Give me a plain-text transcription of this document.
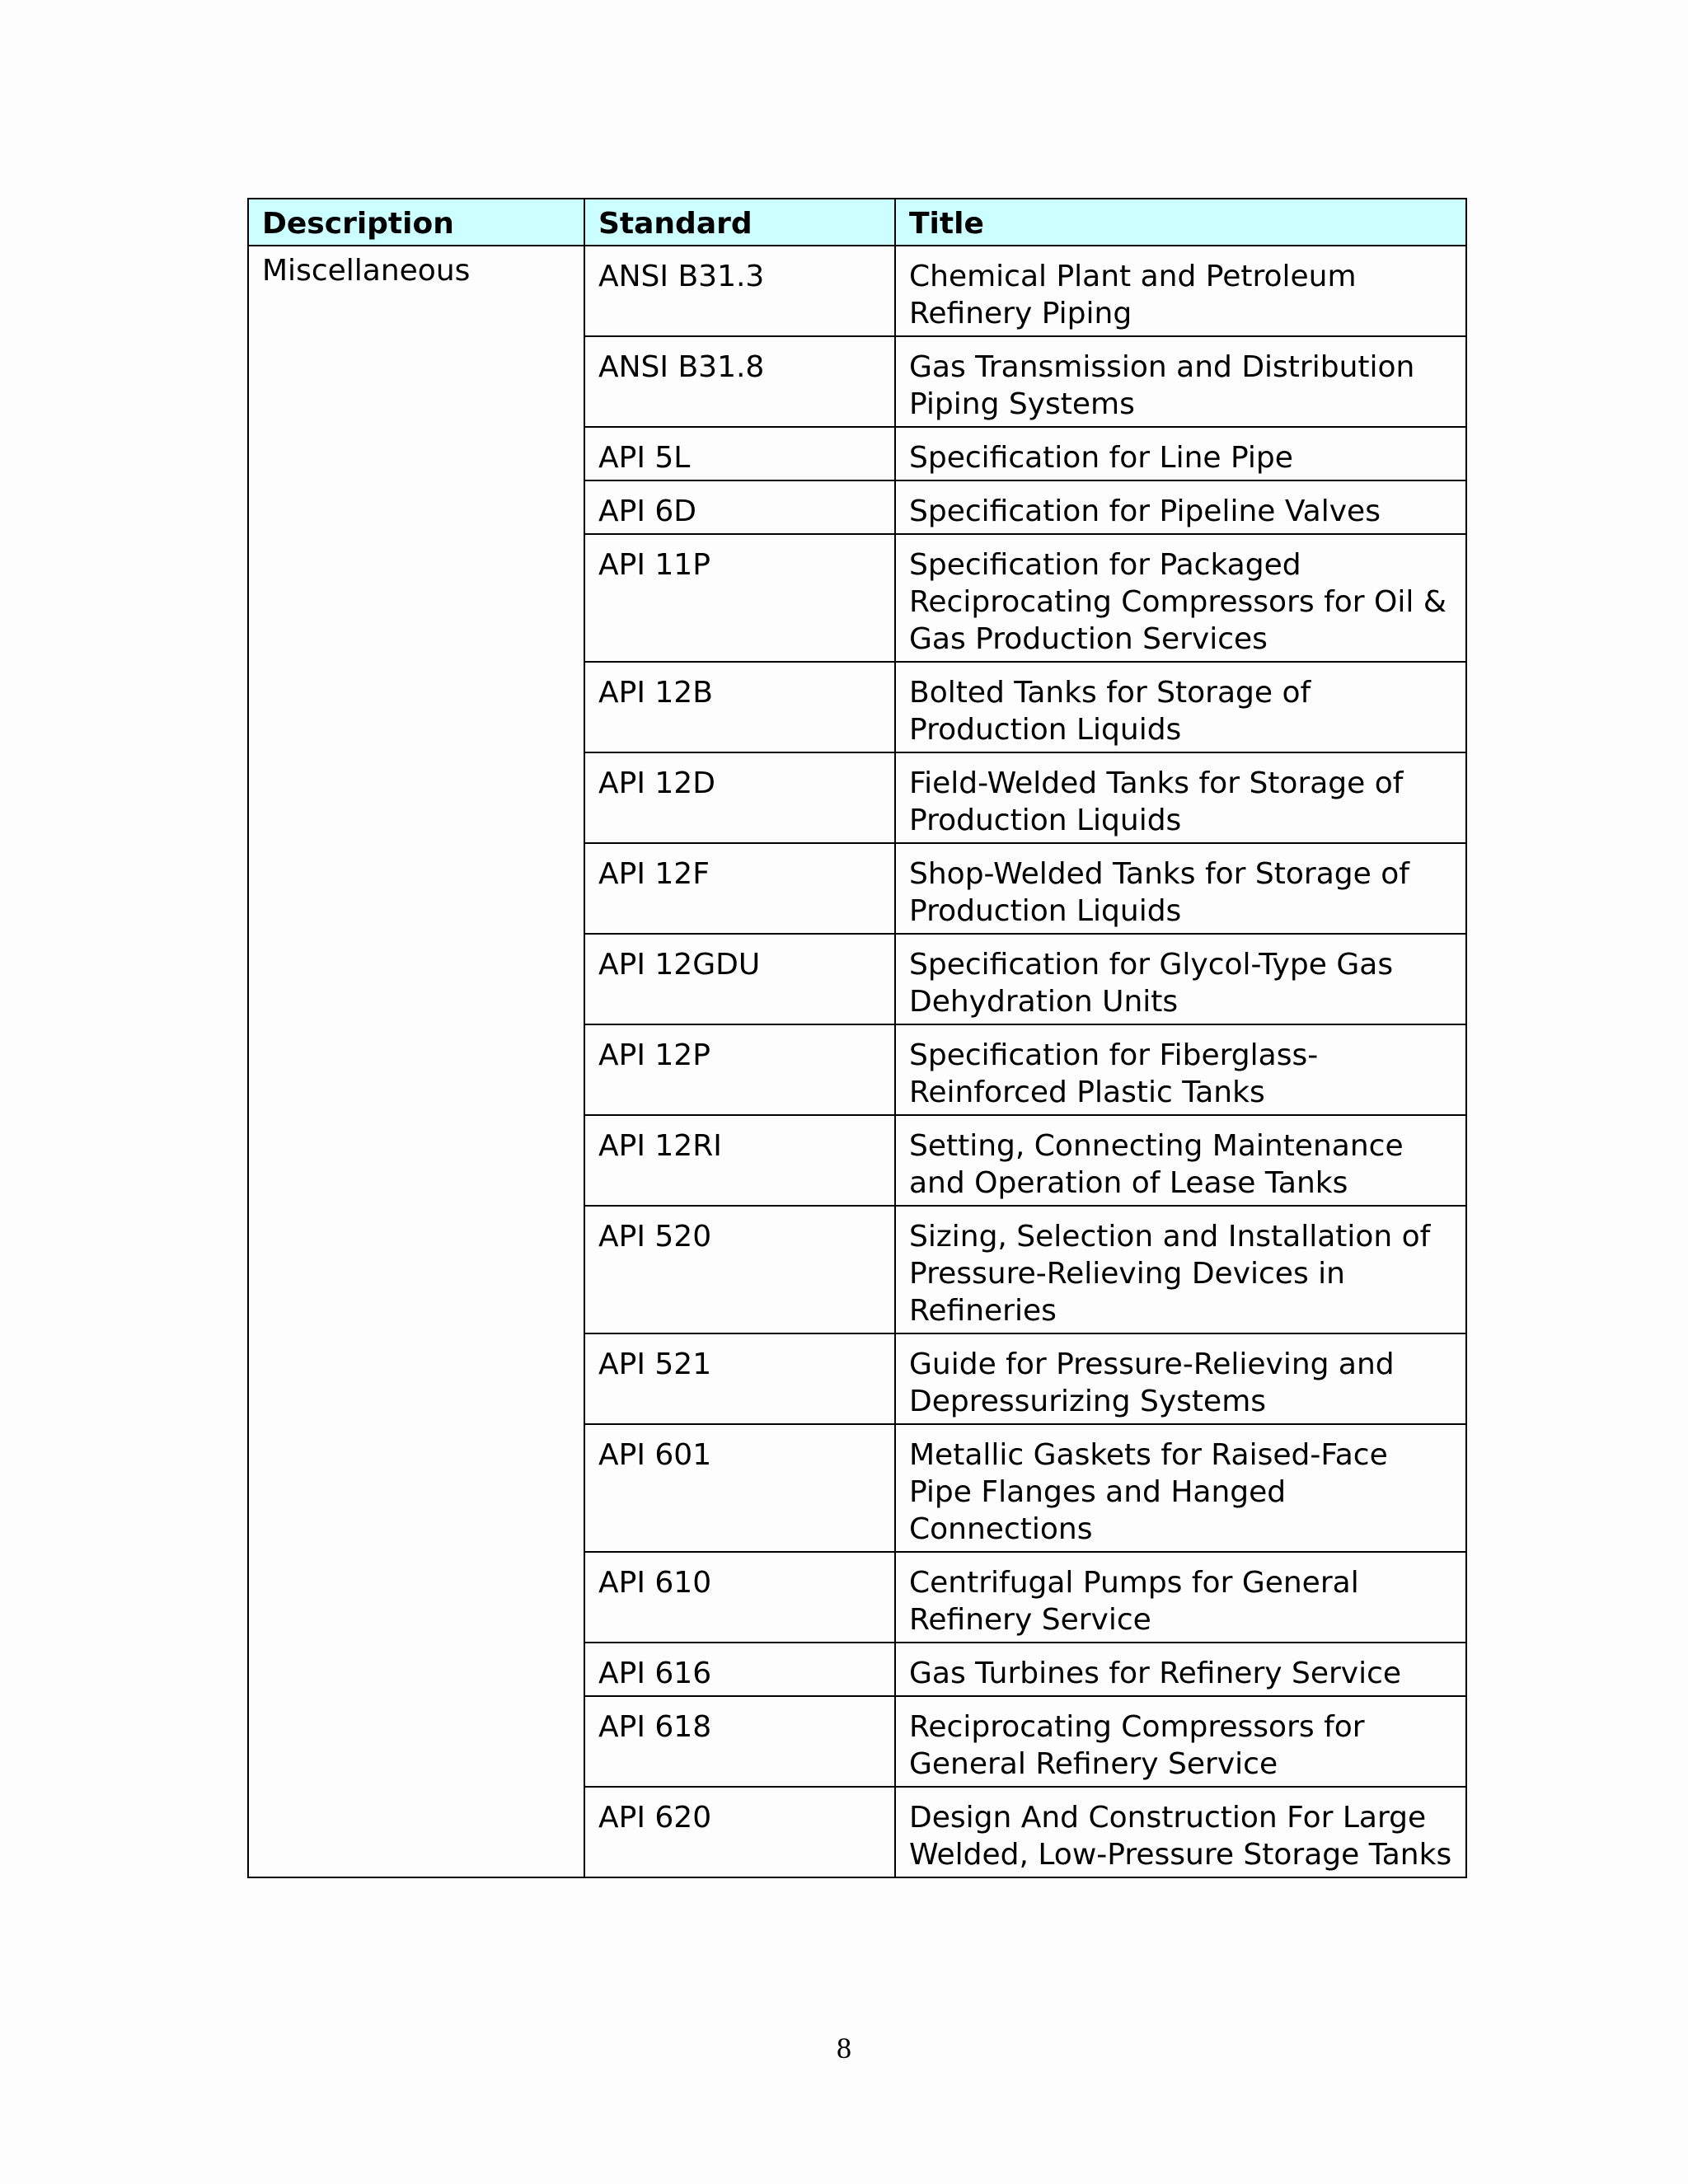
Description	Standard	Title
Miscellaneous	ANSI B31.3	Chemical Plant and Petroleum Refinery Piping
	ANSI B31.8	Gas Transmission and Distribution Piping Systems
	API 5L	Specification for Line Pipe
	API 6D	Specification for Pipeline Valves
	API 11P	Specification for Packaged Reciprocating Compressors for Oil & Gas Production Services
	API 12B	Bolted Tanks for Storage of Production Liquids
	API 12D	Field-Welded Tanks for Storage of Production Liquids
	API 12F	Shop-Welded Tanks for Storage of Production Liquids
	API 12GDU	Specification for Glycol-Type Gas Dehydration Units
	API 12P	Specification for Fiberglass-Reinforced Plastic Tanks
	API 12RI	Setting, Connecting Maintenance and Operation of Lease Tanks
	API 520	Sizing, Selection and Installation of Pressure-Relieving Devices in Refineries
	API 521	Guide for Pressure-Relieving and Depressurizing Systems
	API 601	Metallic Gaskets for Raised-Face Pipe Flanges and Hanged Connections
	API 610	Centrifugal Pumps for General Refinery Service
	API 616	Gas Turbines for Refinery Service
	API 618	Reciprocating Compressors for General Refinery Service
	API 620	Design And Construction For Large Welded, Low-Pressure Storage Tanks
8
